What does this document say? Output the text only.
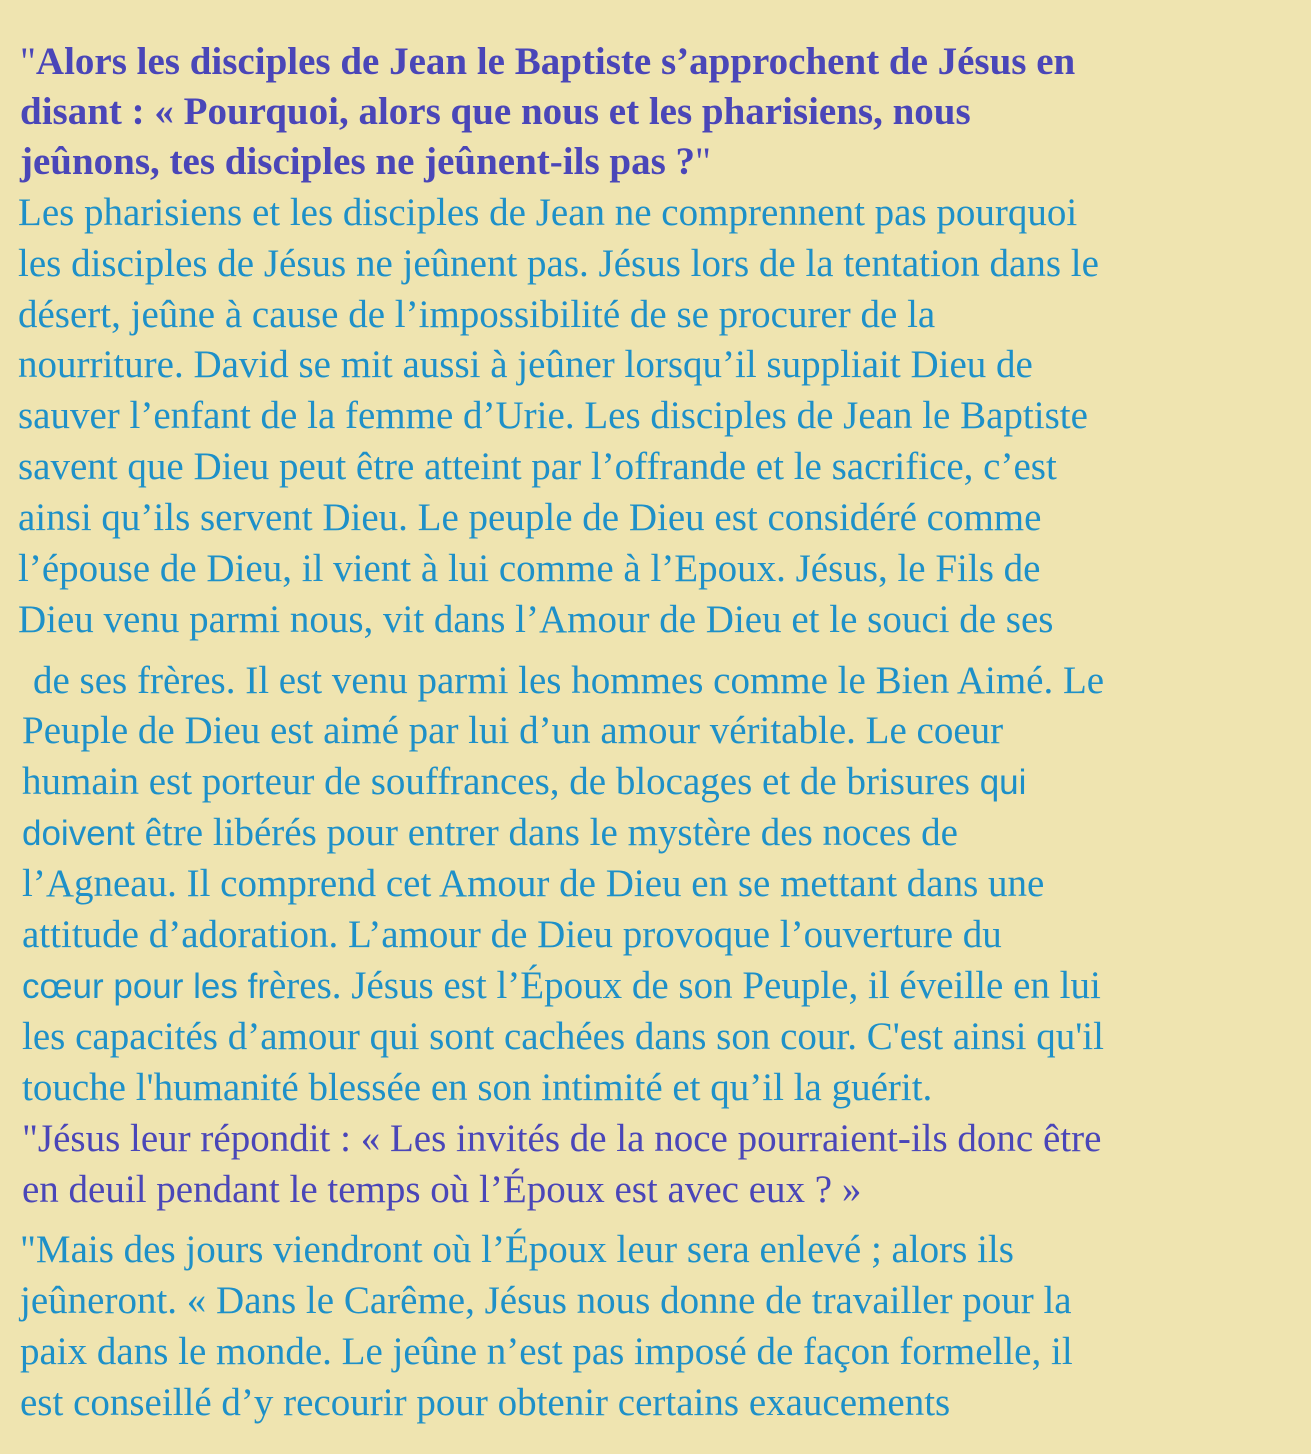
"Alors les disciples de Jean le Baptiste s’approchent de Jésus en
disant : « Pourquoi, alors que nous et les pharisiens, nous
jeûnons, tes disciples ne jeûnent-ils pas ?"
Les pharisiens et les disciples de Jean ne comprennent pas pourquoi
les disciples de Jésus ne jeûnent pas. Jésus lors de la tentation dans le
désert, jeûne à cause de l’impossibilité de se procurer de la
nourriture. David se mit aussi à jeûner lorsqu’il suppliait Dieu de
sauver l’enfant de la femme d’Urie. Les disciples de Jean le Baptiste
savent que Dieu peut être atteint par l’offrande et le sacrifice, c’est
ainsi qu’ils servent Dieu. Le peuple de Dieu est considéré comme
l’épouse de Dieu, il vient à lui comme à l’Epoux. Jésus, le Fils de
Dieu venu parmi nous, vit dans l’Amour de Dieu et le souci de ses
de ses frères. Il est venu parmi les hommes comme le Bien Aimé. Le
Peuple de Dieu est aimé par lui d’un amour véritable. Le coeur
humain est porteur de souffrances, de blocages et de brisures qui
doivent être libérés pour entrer dans le mystère des noces de
l’Agneau. Il comprend cet Amour de Dieu en se mettant dans une
attitude d’adoration. L’amour de Dieu provoque l’ouverture du
cœur pour les frères. Jésus est l’Époux de son Peuple, il éveille en lui
les capacités d’amour qui sont cachées dans son cour. C'est ainsi qu'il
touche l'humanité blessée en son intimité et qu’il la guérit.
"Jésus leur répondit : « Les invités de la noce pourraient-ils donc être
en deuil pendant le temps où l’Époux est avec eux ? »
"Mais des jours viendront où l’Époux leur sera enlevé ; alors ils
jeûneront. « Dans le Carême, Jésus nous donne de travailler pour la
paix dans le monde. Le jeûne n’est pas imposé de façon formelle, il
est conseillé d’y recourir pour obtenir certains exaucements
